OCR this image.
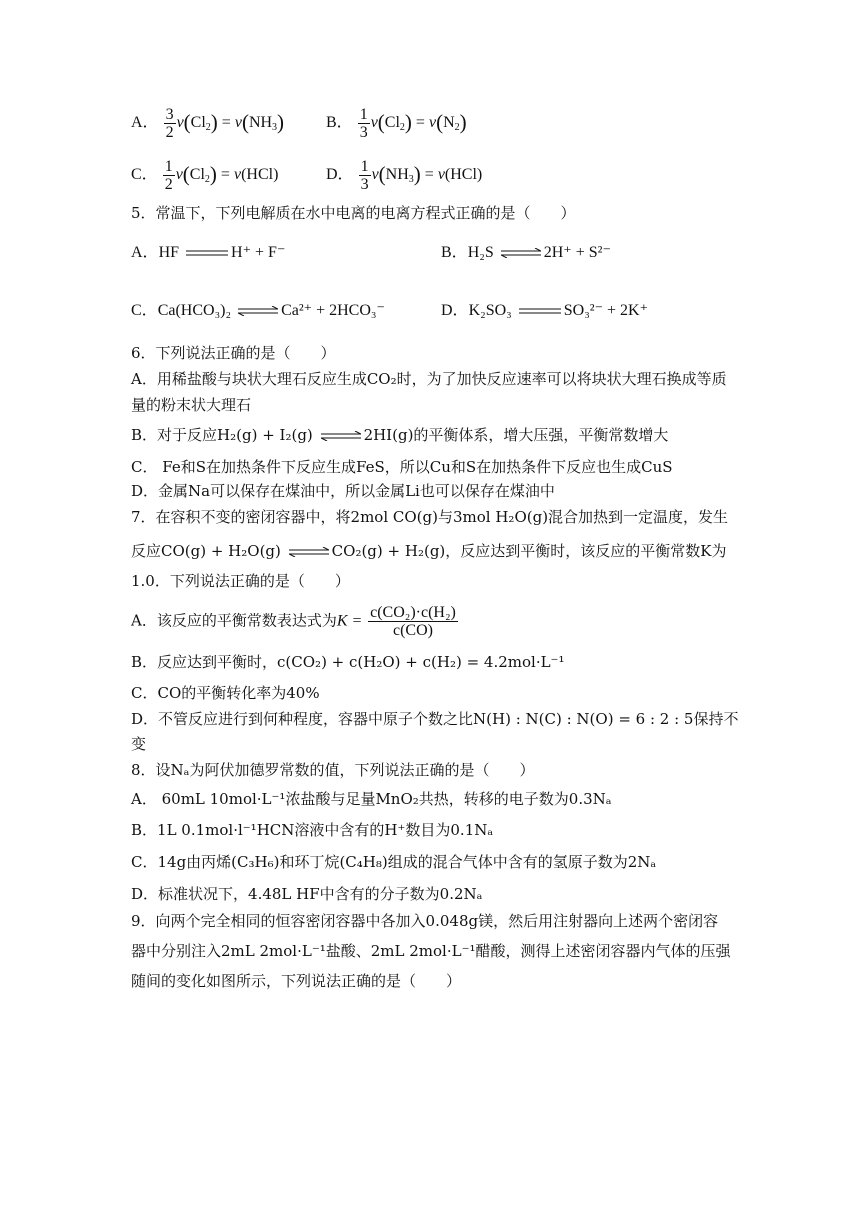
A． $\frac{3}{2} v(Cl_2) = v(NH_3)$	B． $\frac{1}{3} v(Cl_2) = v(N_2)$
C． $\frac{1}{2} v(Cl_2) = v(HCl)$	D． $\frac{1}{3} v(NH_3) = v(HCl)$
5．常温下，下列电解质在水中电离的电离方程式正确的是（　　）
A．HF	H⁺ + F⁻	B．H₂S ⇌ 2H⁺ + S²⁻
C．Ca(HCO₃)₂ ⇌ Ca²⁺ + 2HCO₃⁻	D．K₂SO₃	SO₃²⁻ + 2K⁺
6．下列说法正确的是（　　）
A．用稀盐酸与块状大理石反应生成CO₂时，为了加快反应速率可以将块状大理石换成等质
量的粉末状大理石
B．对于反应H₂(g) + I₂(g) ⇌ 2HI(g)的平衡体系，增大压强，平衡常数增大
C． Fe和S在加热条件下反应生成FeS，所以Cu和S在加热条件下反应也生成CuS
D．金属Na可以保存在煤油中，所以金属Li也可以保存在煤油中
7．在容积不变的密闭容器中，将2mol CO(g)与3mol H₂O(g)混合加热到一定温度，发生
反应CO(g) + H₂O(g) ⇌ CO₂(g) + H₂(g)，反应达到平衡时，该反应的平衡常数K为
1.0．下列说法正确的是（　　）
A．该反应的平衡常数表达式为$K = \frac{\text{c(CO₂)·c(H₂)}}{c(CO)}$
B．反应达到平衡时，c(CO₂) + c(H₂O) + c(H₂) = 4.2mol·L⁻¹
C．CO的平衡转化率为40%
D．不管反应进行到何种程度，容器中原子个数之比N(H) : N(C) : N(O) = 6 : 2 : 5保持不
变
8．设Nₐ为阿伏加德罗常数的值，下列说法正确的是（　　）
A． 60mL 10mol·L⁻¹浓盐酸与足量MnO₂共热，转移的电子数为0.3Nₐ
B．1L 0.1mol·l⁻¹HCN溶液中含有的H⁺数目为0.1Nₐ
C．14g由丙烯(C₃H₆)和环丁烷(C₄H₈)组成的混合气体中含有的氢原子数为2Nₐ
D．标准状况下，4.48L HF中含有的分子数为0.2Nₐ
9．向两个完全相同的恒容密闭容器中各加入0.048g镁，然后用注射器向上述两个密闭容
器中分别注入2mL 2mol·L⁻¹盐酸、2mL 2mol·L⁻¹醋酸，测得上述密闭容器内气体的压强
随间的变化如图所示，下列说法正确的是（　　）
